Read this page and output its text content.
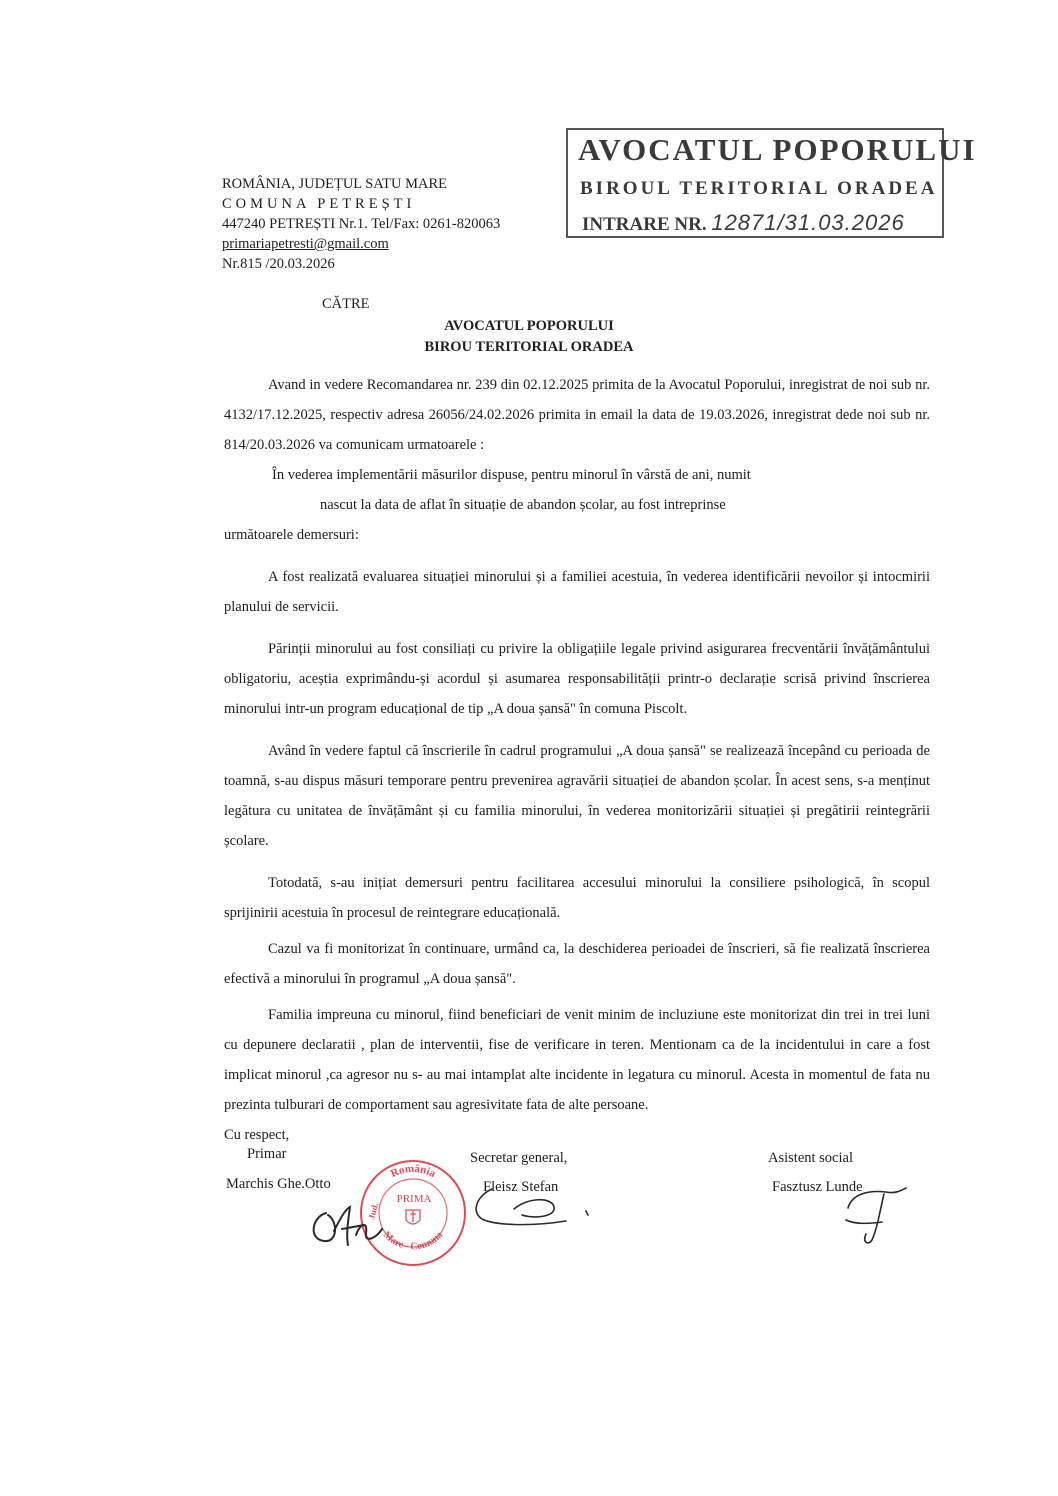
AVOCATUL POPORULUI
BIROUL TERITORIAL ORADEA
INTRARE NR. 12871/31.03.2026
ROMÂNIA, JUDEȚUL SATU MARE
COMUNA PETREȘTI
447240 PETREȘTI Nr.1. Tel/Fax: 0261-820063
primariapetresti@gmail.com
Nr.815 /20.03.2026
CĂTRE
AVOCATUL POPORULUI
BIROU TERITORIAL ORADEA

Avand in vedere Recomandarea nr. 239 din 02.12.2025 primita de la Avocatul Poporului, inregistrat de noi sub nr. 4132/17.12.2025, respectiv adresa 26056/24.02.2026 primita in email la data de 19.03.2026, inregistrat dede noi sub nr. 814/20.03.2026 va comunicam urmatoarele :

În vederea implementării măsurilor dispuse, pentru minorul în vârstă de ani, numit

nascut la data de aflat în situație de abandon școlar, au fost intreprinse

următoarele demersuri:

A fost realizată evaluarea situației minorului și a familiei acestuia, în vederea identificării nevoilor și intocmirii planului de servicii.

Părinții minorului au fost consiliați cu privire la obligațiile legale privind asigurarea frecventării învățământului obligatoriu, aceștia exprimându-și acordul și asumarea responsabilității printr-o declarație scrisă privind înscrierea minorului intr-un program educațional de tip „A doua șansă" în comuna Piscolt.

Având în vedere faptul că înscrierile în cadrul programului „A doua șansă" se realizează începând cu perioada de toamnă, s-au dispus măsuri temporare pentru prevenirea agravării situației de abandon școlar. În acest sens, s-a menținut legătura cu unitatea de învățământ și cu familia minorului, în vederea monitorizării situației și pregătirii reintegrării școlare.

Totodată, s-au inițiat demersuri pentru facilitarea accesului minorului la consiliere psihologică, în scopul sprijinirii acestuia în procesul de reintegrare educațională.

Cazul va fi monitorizat în continuare, urmând ca, la deschiderea perioadei de înscrieri, să fie realizată înscrierea efectivă a minorului în programul „A doua șansă".

Familia impreuna cu minorul, fiind beneficiari de venit minim de incluziune este monitorizat din trei in trei luni cu depunere declaratii , plan de interventii, fise de verificare in teren. Mentionam ca de la incidentului in care a fost implicat minorul ,ca agresor nu s- au mai intamplat alte incidente in legatura cu minorul. Acesta in momentul de fata nu prezinta tulburari de comportament sau agresivitate fata de alte persoane.

Cu respect,

Primar
Marchis Ghe.Otto
Secretar general,
Fleisz Stefan
Asistent social
Fasztusz Lunde
România
Mare - Comuna
Jud.
PRIMA
